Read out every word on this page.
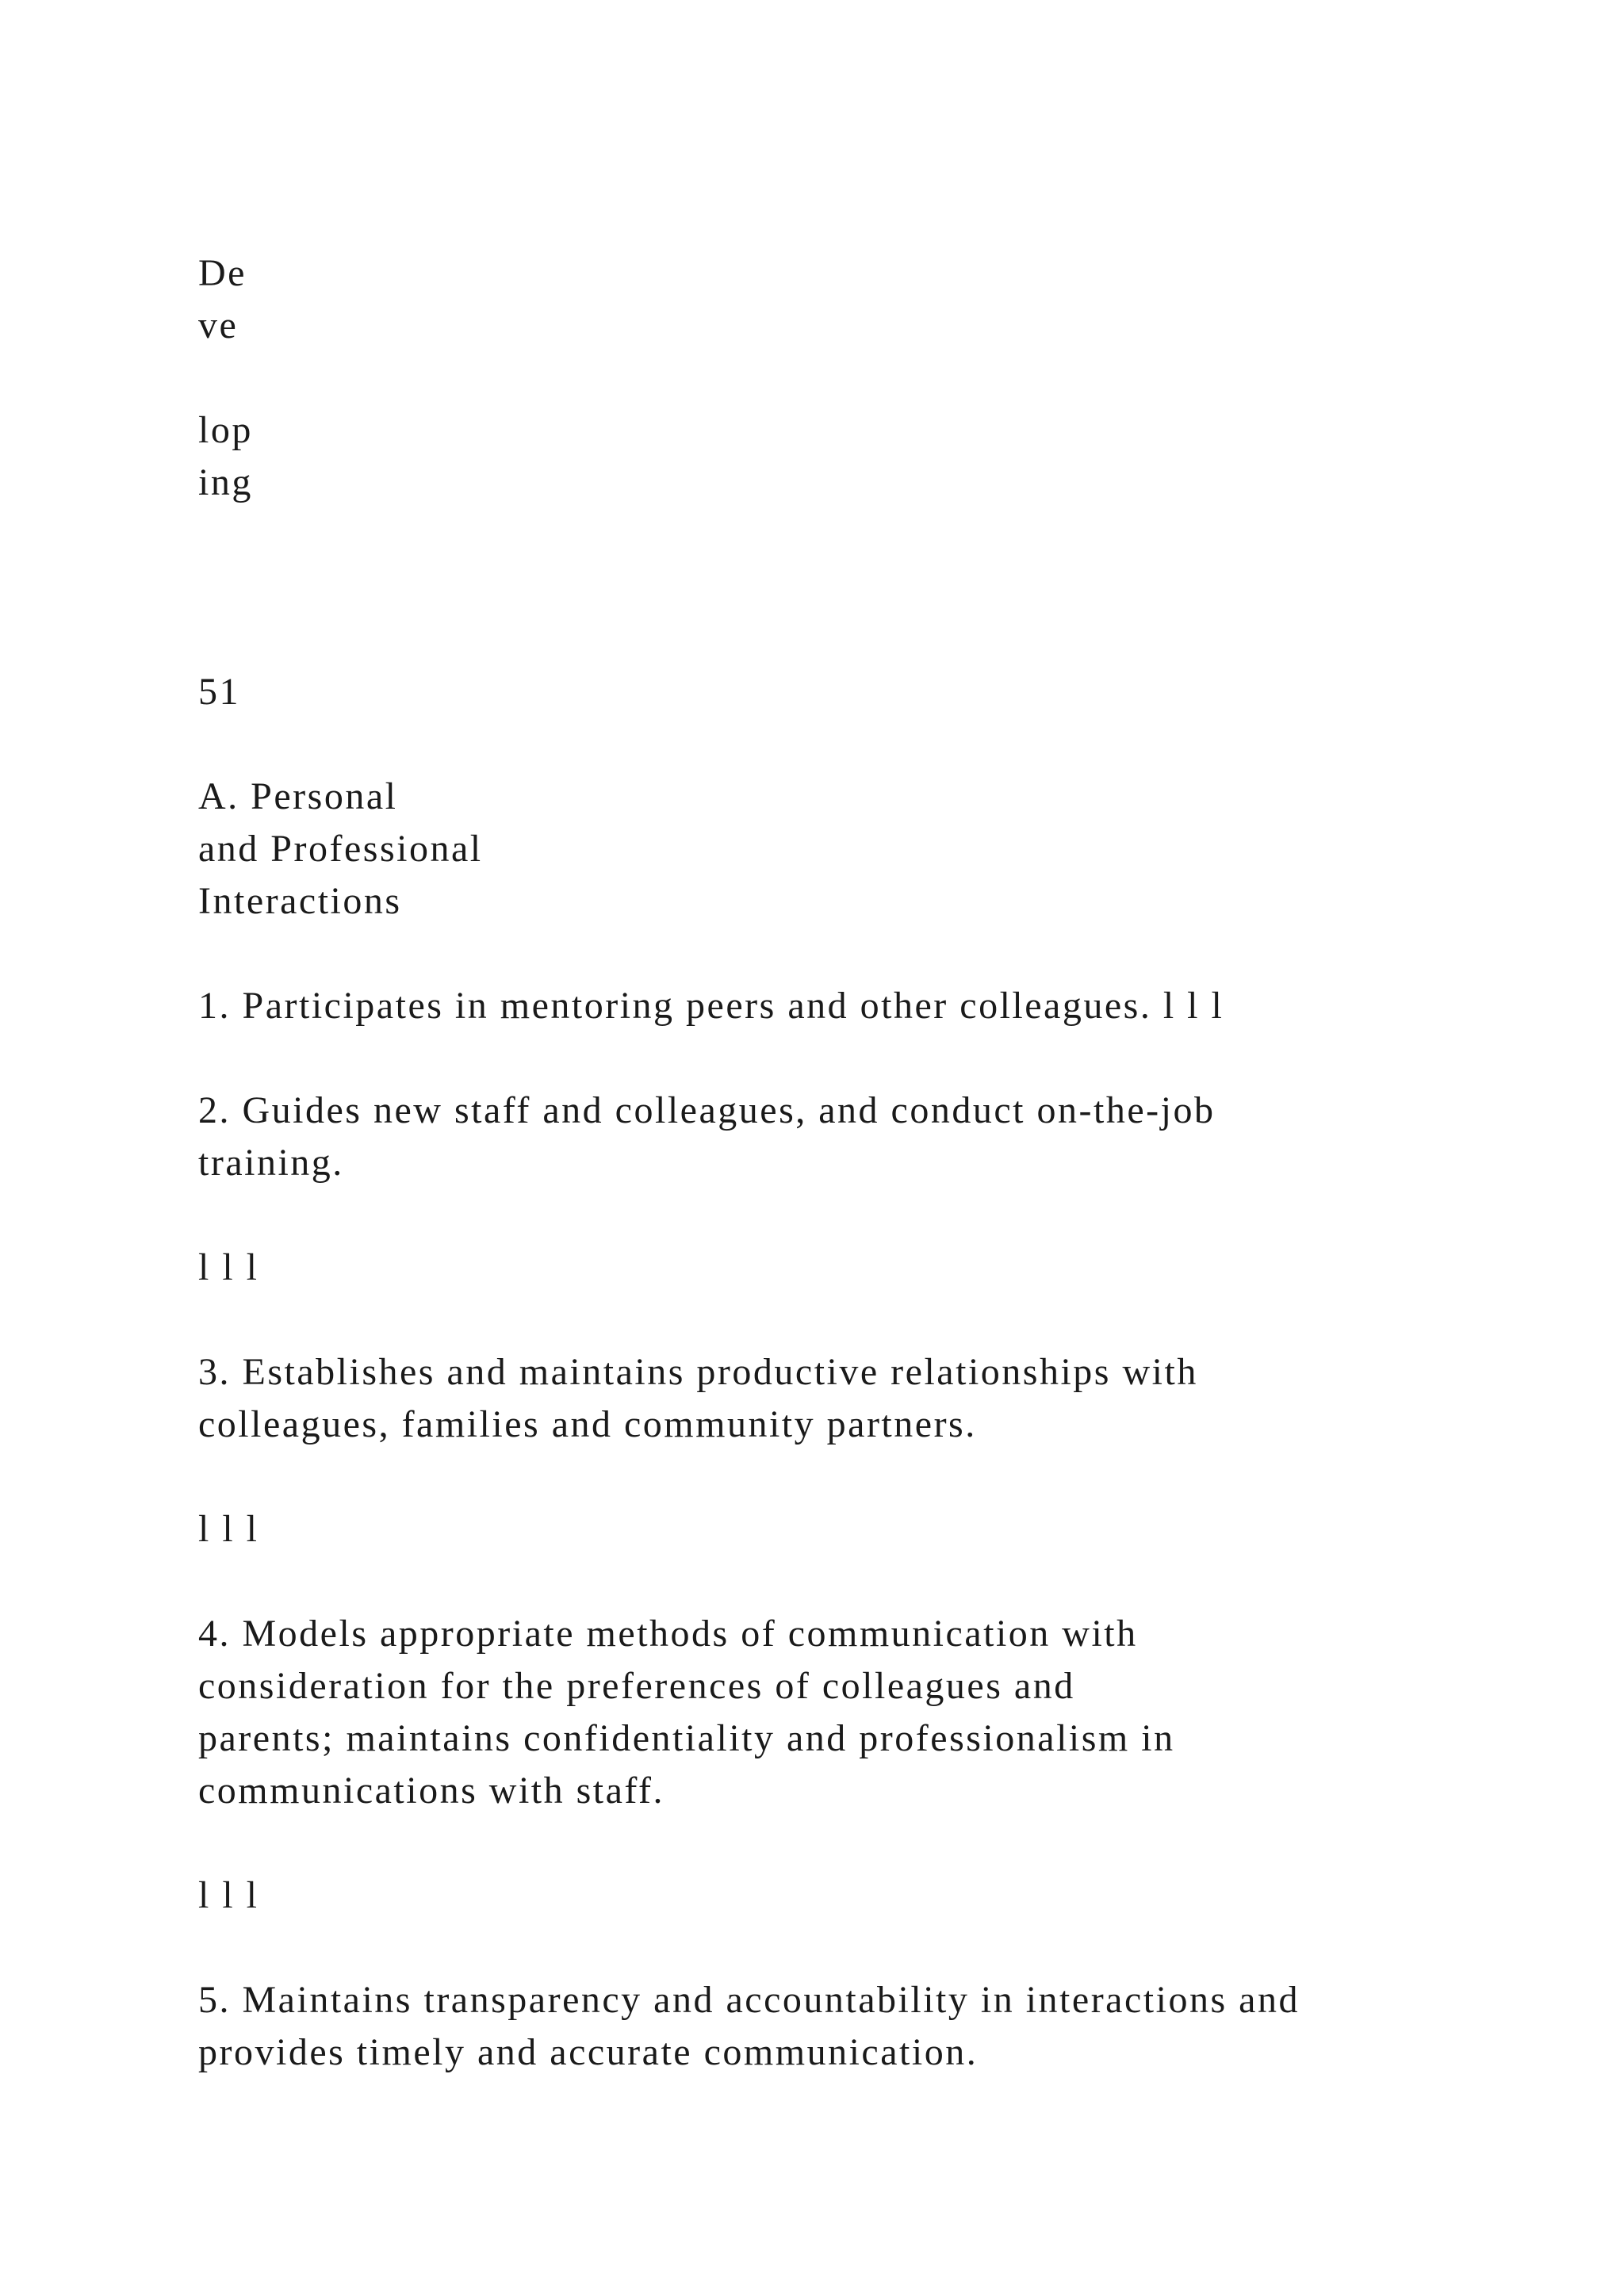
De

ve

lop

ing

51

A. Personal

and Professional

Interactions

1. Participates in mentoring peers and other colleagues. l l l

2. Guides new staff and colleagues, and conduct on-the-job

training.

l l l

3. Establishes and maintains productive relationships with

colleagues, families and community partners.

l l l

4. Models appropriate methods of communication with

consideration for the preferences of colleagues and

parents; maintains confidentiality and professionalism in

communications with staff.

l l l

5. Maintains transparency and accountability in interactions and

provides timely and accurate communication.
